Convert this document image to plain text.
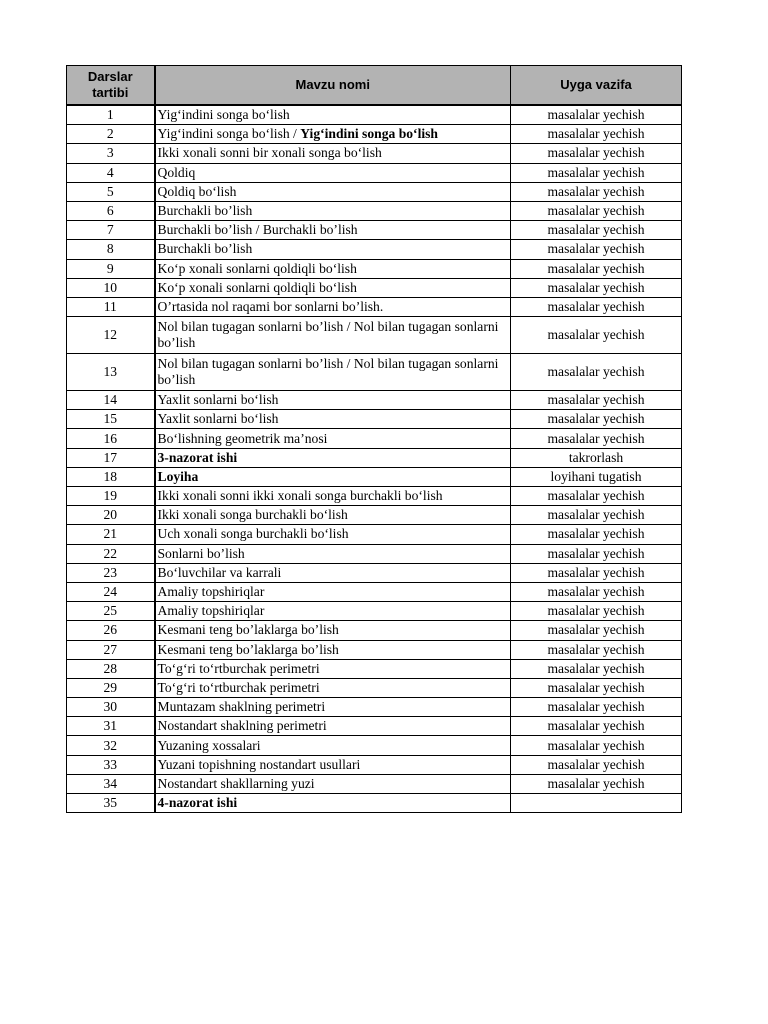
Darslar tartibi	Mavzu nomi	Uyga vazifa
1	Yig‘indini songa bo‘lish	masalalar yechish
2	Yig‘indini songa bo‘lish / Yig‘indini songa bo‘lish	masalalar yechish
3	Ikki xonali sonni bir xonali songa bo‘lish	masalalar yechish
4	Qoldiq	masalalar yechish
5	Qoldiq bo‘lish	masalalar yechish
6	Burchakli bo’lish	masalalar yechish
7	Burchakli bo’lish / Burchakli bo’lish	masalalar yechish
8	Burchakli bo’lish	masalalar yechish
9	Ko‘p xonali sonlarni qoldiqli bo‘lish	masalalar yechish
10	Ko‘p xonali sonlarni qoldiqli bo‘lish	masalalar yechish
11	O’rtasida nol raqami bor sonlarni bo’lish.	masalalar yechish
12	Nol bilan tugagan sonlarni bo’lish / Nol bilan tugagan sonlarni bo’lish	masalalar yechish
13	Nol bilan tugagan sonlarni bo’lish / Nol bilan tugagan sonlarni bo’lish	masalalar yechish
14	Yaxlit sonlarni bo‘lish	masalalar yechish
15	Yaxlit sonlarni bo‘lish	masalalar yechish
16	Bo‘lishning geometrik ma’nosi	masalalar yechish
17	3-nazorat ishi	takrorlash
18	Loyiha	loyihani tugatish
19	Ikki xonali sonni ikki xonali songa burchakli bo‘lish	masalalar yechish
20	Ikki xonali songa burchakli bo‘lish	masalalar yechish
21	Uch xonali songa burchakli bo‘lish	masalalar yechish
22	Sonlarni bo’lish	masalalar yechish
23	Bo‘luvchilar va karrali	masalalar yechish
24	Amaliy topshiriqlar	masalalar yechish
25	Amaliy topshiriqlar	masalalar yechish
26	Kesmani teng bo’laklarga bo’lish	masalalar yechish
27	Kesmani teng bo’laklarga bo’lish	masalalar yechish
28	To‘g‘ri to‘rtburchak perimetri	masalalar yechish
29	To‘g‘ri to‘rtburchak perimetri	masalalar yechish
30	Muntazam shaklning perimetri	masalalar yechish
31	Nostandart shaklning perimetri	masalalar yechish
32	Yuzaning xossalari	masalalar yechish
33	Yuzani topishning nostandart usullari	masalalar yechish
34	Nostandart shakllarning yuzi	masalalar yechish
35	4-nazorat ishi	
